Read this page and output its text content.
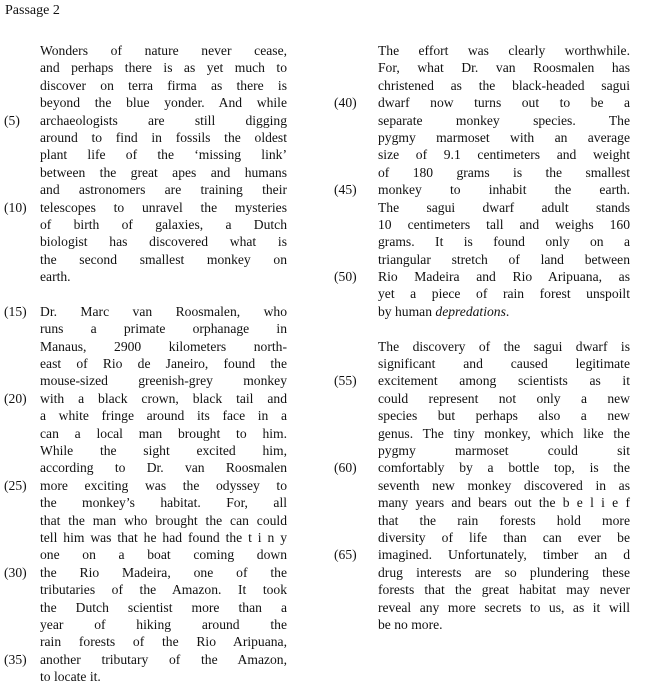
Passage 2
Wonders of nature never cease,
and perhaps there is as yet much to
discover on terra firma as there is
beyond the blue yonder. And while
(5) archaeologists are still digging
around to find in fossils the oldest
plant life of the ‘missing link’
between the great apes and humans
and astronomers are training their
(10) telescopes to unravel the mysteries
of birth of galaxies, a Dutch
biologist has discovered what is
the second smallest monkey on
earth.
(15) Dr. Marc van Roosmalen, who
runs a primate orphanage in
Manaus, 2900 kilometers north-
east of Rio de Janeiro, found the
mouse-sized greenish-grey monkey
(20) with a black crown, black tail and
a white fringe around its face in a
can a local man brought to him.
While the sight excited him,
according to Dr. van Roosmalen
(25) more exciting was the odyssey to
the monkey’s habitat. For, all
that the man who brought the can could
tell him was that he had found the t i n y
one on a boat coming down
(30) the Rio Madeira, one of the
tributaries of the Amazon. It took
the Dutch scientist more than a
year of hiking around the
rain forests of the Rio Aripuana,
(35) another tributary of the Amazon,
to locate it.
The effort was clearly worthwhile.
For, what Dr. van Roosmalen has
christened as the black-headed sagui
(40) dwarf now turns out to be a
separate monkey species. The
pygmy marmoset with an average
size of 9.1 centimeters and weight
of 180 grams is the smallest
(45) monkey to inhabit the earth.
The sagui dwarf adult stands
10 centimeters tall and weighs 160
grams. It is found only on a
triangular stretch of land between
(50) Rio Madeira and Rio Aripuana, as
yet a piece of rain forest unspoilt
by human depredations.
The discovery of the sagui dwarf is
significant and caused legitimate
(55) excitement among scientists as it
could represent not only a new
species but perhaps also a new
genus. The tiny monkey, which like the
pygmy marmoset could sit
(60) comfortably by a bottle top, is the
seventh new monkey discovered in as
many years and bears out the b e l i e f
that the rain forests hold more
diversity of life than can ever be
(65) imagined. Unfortunately, timber an d
drug interests are so plundering these
forests that the great habitat may never
reveal any more secrets to us, as it will
be no more.
